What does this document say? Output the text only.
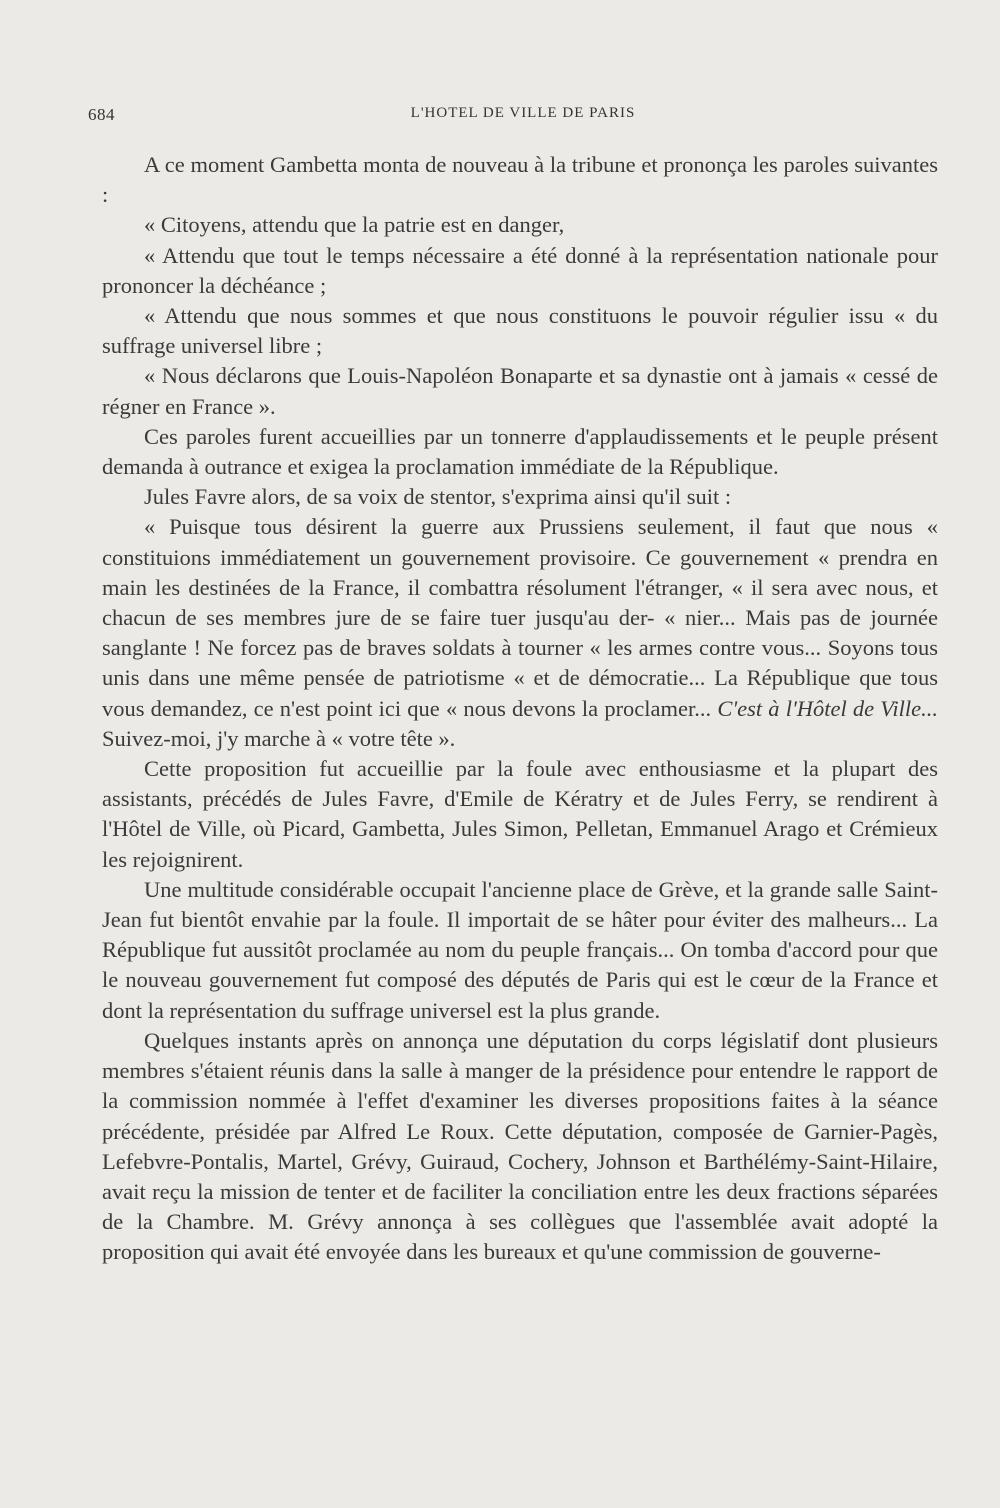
684	L'HOTEL DE VILLE DE PARIS

A ce moment Gambetta monta de nouveau à la tribune et prononça les paroles suivantes :

« Citoyens, attendu que la patrie est en danger,

« Attendu que tout le temps nécessaire a été donné à la représentation nationale pour prononcer la déchéance ;

« Attendu que nous sommes et que nous constituons le pouvoir régulier issu « du suffrage universel libre ;

« Nous déclarons que Louis-Napoléon Bonaparte et sa dynastie ont à jamais « cessé de régner en France ».

Ces paroles furent accueillies par un tonnerre d'applaudissements et le peuple présent demanda à outrance et exigea la proclamation immédiate de la République.

Jules Favre alors, de sa voix de stentor, s'exprima ainsi qu'il suit :

« Puisque tous désirent la guerre aux Prussiens seulement, il faut que nous « constituions immédiatement un gouvernement provisoire. Ce gouvernement « prendra en main les destinées de la France, il combattra résolument l'étranger, « il sera avec nous, et chacun de ses membres jure de se faire tuer jusqu'au der- « nier... Mais pas de journée sanglante ! Ne forcez pas de braves soldats à tourner « les armes contre vous... Soyons tous unis dans une même pensée de patriotisme « et de démocratie... La République que tous vous demandez, ce n'est point ici que « nous devons la proclamer... C'est à l'Hôtel de Ville... Suivez-moi, j'y marche à « votre tête ».

Cette proposition fut accueillie par la foule avec enthousiasme et la plupart des assistants, précédés de Jules Favre, d'Emile de Kératry et de Jules Ferry, se rendirent à l'Hôtel de Ville, où Picard, Gambetta, Jules Simon, Pelletan, Emmanuel Arago et Crémieux les rejoignirent.

Une multitude considérable occupait l'ancienne place de Grève, et la grande salle Saint-Jean fut bientôt envahie par la foule. Il importait de se hâter pour éviter des malheurs... La République fut aussitôt proclamée au nom du peuple français... On tomba d'accord pour que le nouveau gouvernement fut composé des députés de Paris qui est le cœur de la France et dont la représentation du suffrage universel est la plus grande.

Quelques instants après on annonça une députation du corps législatif dont plusieurs membres s'étaient réunis dans la salle à manger de la présidence pour entendre le rapport de la commission nommée à l'effet d'examiner les diverses propositions faites à la séance précédente, présidée par Alfred Le Roux. Cette députation, composée de Garnier-Pagès, Lefebvre-Pontalis, Martel, Grévy, Guiraud, Cochery, Johnson et Barthélémy-Saint-Hilaire, avait reçu la mission de tenter et de faciliter la conciliation entre les deux fractions séparées de la Chambre. M. Grévy annonça à ses collègues que l'assemblée avait adopté la proposition qui avait été envoyée dans les bureaux et qu'une commission de gouverne-
